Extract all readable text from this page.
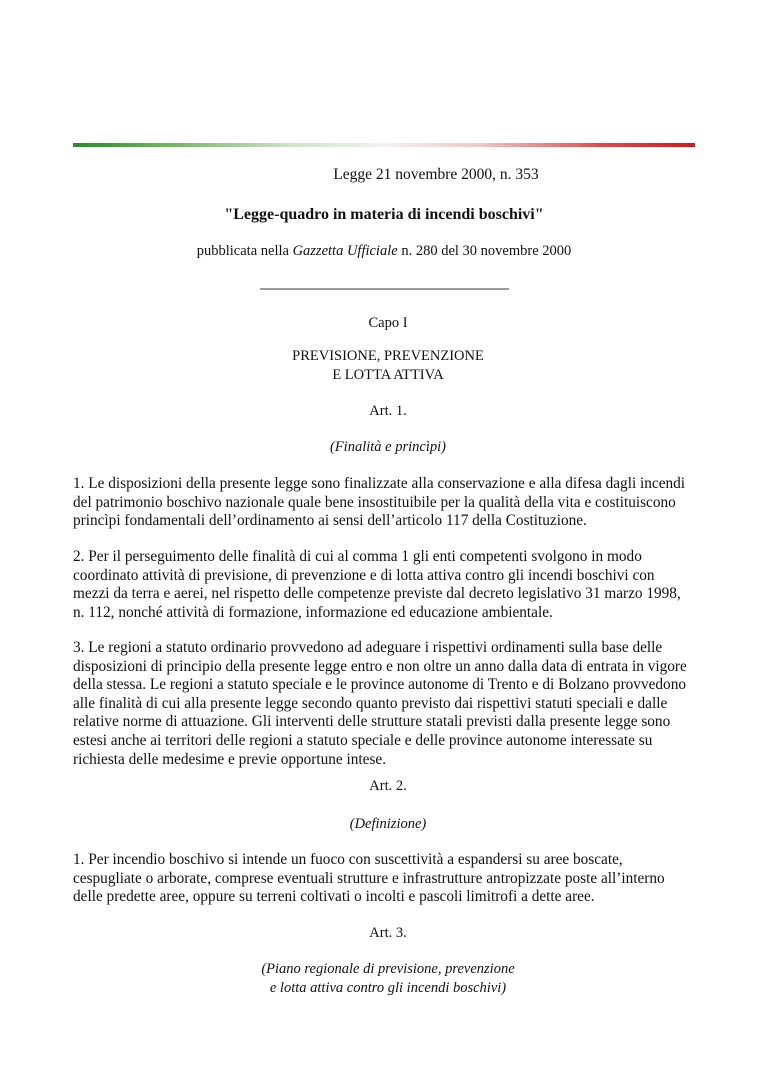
Legge 21 novembre 2000, n. 353
"Legge-quadro in materia di incendi boschivi"
pubblicata nella Gazzetta Ufficiale n. 280 del 30 novembre 2000
Capo I
PREVISIONE, PREVENZIONE
E LOTTA ATTIVA
Art. 1.
(Finalità e princìpi)
1. Le disposizioni della presente legge sono finalizzate alla conservazione e alla difesa dagli incendi
del patrimonio boschivo nazionale quale bene insostituibile per la qualità della vita e costituiscono
princìpi fondamentali dell’ordinamento ai sensi dell’articolo 117 della Costituzione.
2. Per il perseguimento delle finalità di cui al comma 1 gli enti competenti svolgono in modo
coordinato attività di previsione, di prevenzione e di lotta attiva contro gli incendi boschivi con
mezzi da terra e aerei, nel rispetto delle competenze previste dal decreto legislativo 31 marzo 1998,
n. 112, nonché attività di formazione, informazione ed educazione ambientale.
3. Le regioni a statuto ordinario provvedono ad adeguare i rispettivi ordinamenti sulla base delle
disposizioni di principio della presente legge entro e non oltre un anno dalla data di entrata in vigore
della stessa. Le regioni a statuto speciale e le province autonome di Trento e di Bolzano provvedono
alle finalità di cui alla presente legge secondo quanto previsto dai rispettivi statuti speciali e dalle
relative norme di attuazione. Gli interventi delle strutture statali previsti dalla presente legge sono
estesi anche ai territori delle regioni a statuto speciale e delle province autonome interessate su
richiesta delle medesime e previe opportune intese.
Art. 2.
(Definizione)
1. Per incendio boschivo si intende un fuoco con suscettività a espandersi su aree boscate,
cespugliate o arborate, comprese eventuali strutture e infrastrutture antropizzate poste all’interno
delle predette aree, oppure su terreni coltivati o incolti e pascoli limitrofi a dette aree.
Art. 3.
(Piano regionale di previsione, prevenzione
e lotta attiva contro gli incendi boschivi)
